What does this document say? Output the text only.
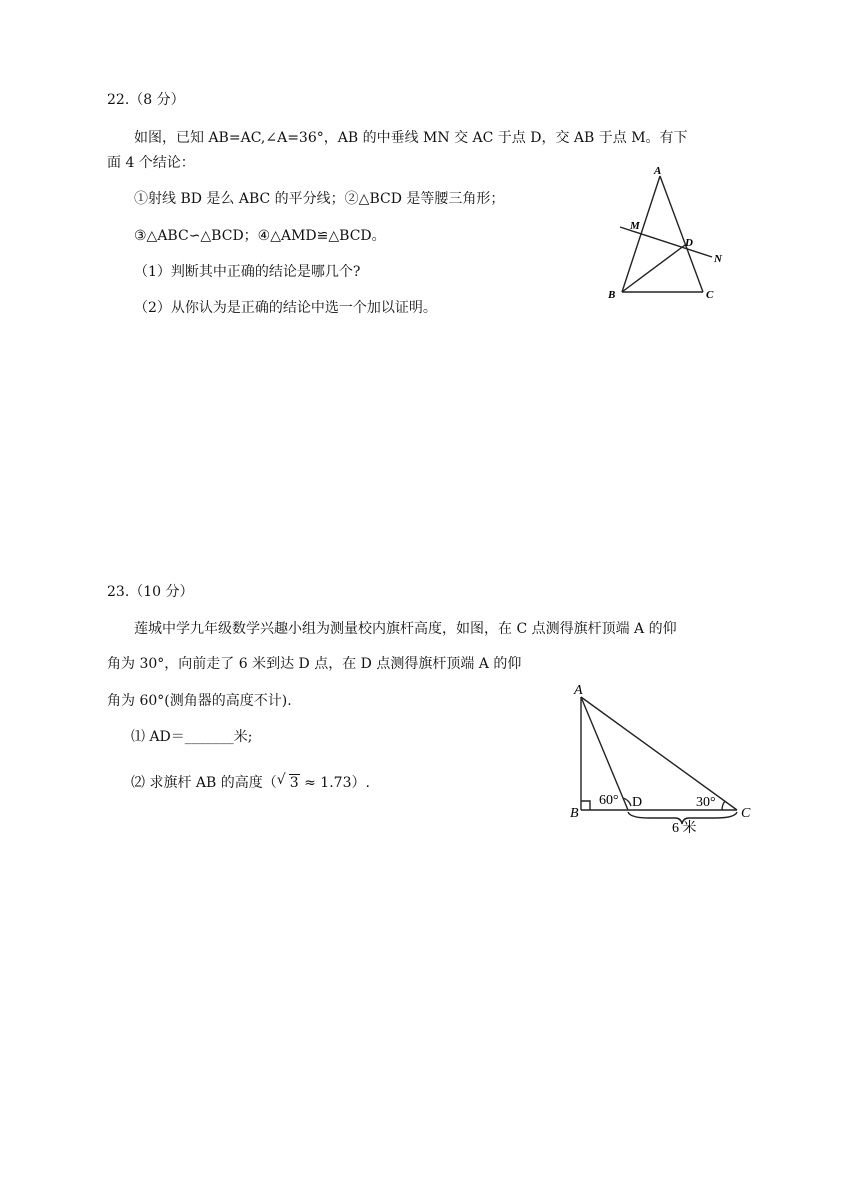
22.（8 分）
如图，已知 AB=AC,∠A=36°，AB 的中垂线 MN 交 AC 于点 D，交 AB 于点 M。有下
面 4 个结论：
①射线 BD 是么 ABC 的平分线；②△BCD 是等腰三角形；
③△ABC∽△BCD；④△AMD≌△BCD。
（1）判断其中正确的结论是哪几个?
（2）从你认为是正确的结论中选一个加以证明。
A
M
D
N
B	C
23.（10 分）
莲城中学九年级数学兴趣小组为测量校内旗杆高度，如图，在 C 点测得旗杆顶端 A 的仰
角为 30°，向前走了 6 米到达 D 点，在 D 点测得旗杆顶端 A 的仰
角为 60°(测角器的高度不计).
⑴ AD＝_______米;
⑵ 求旗杆 AB 的高度（ √ 3 ≈ 1.73）.
A
B	C
D
60°	30°
6 米
